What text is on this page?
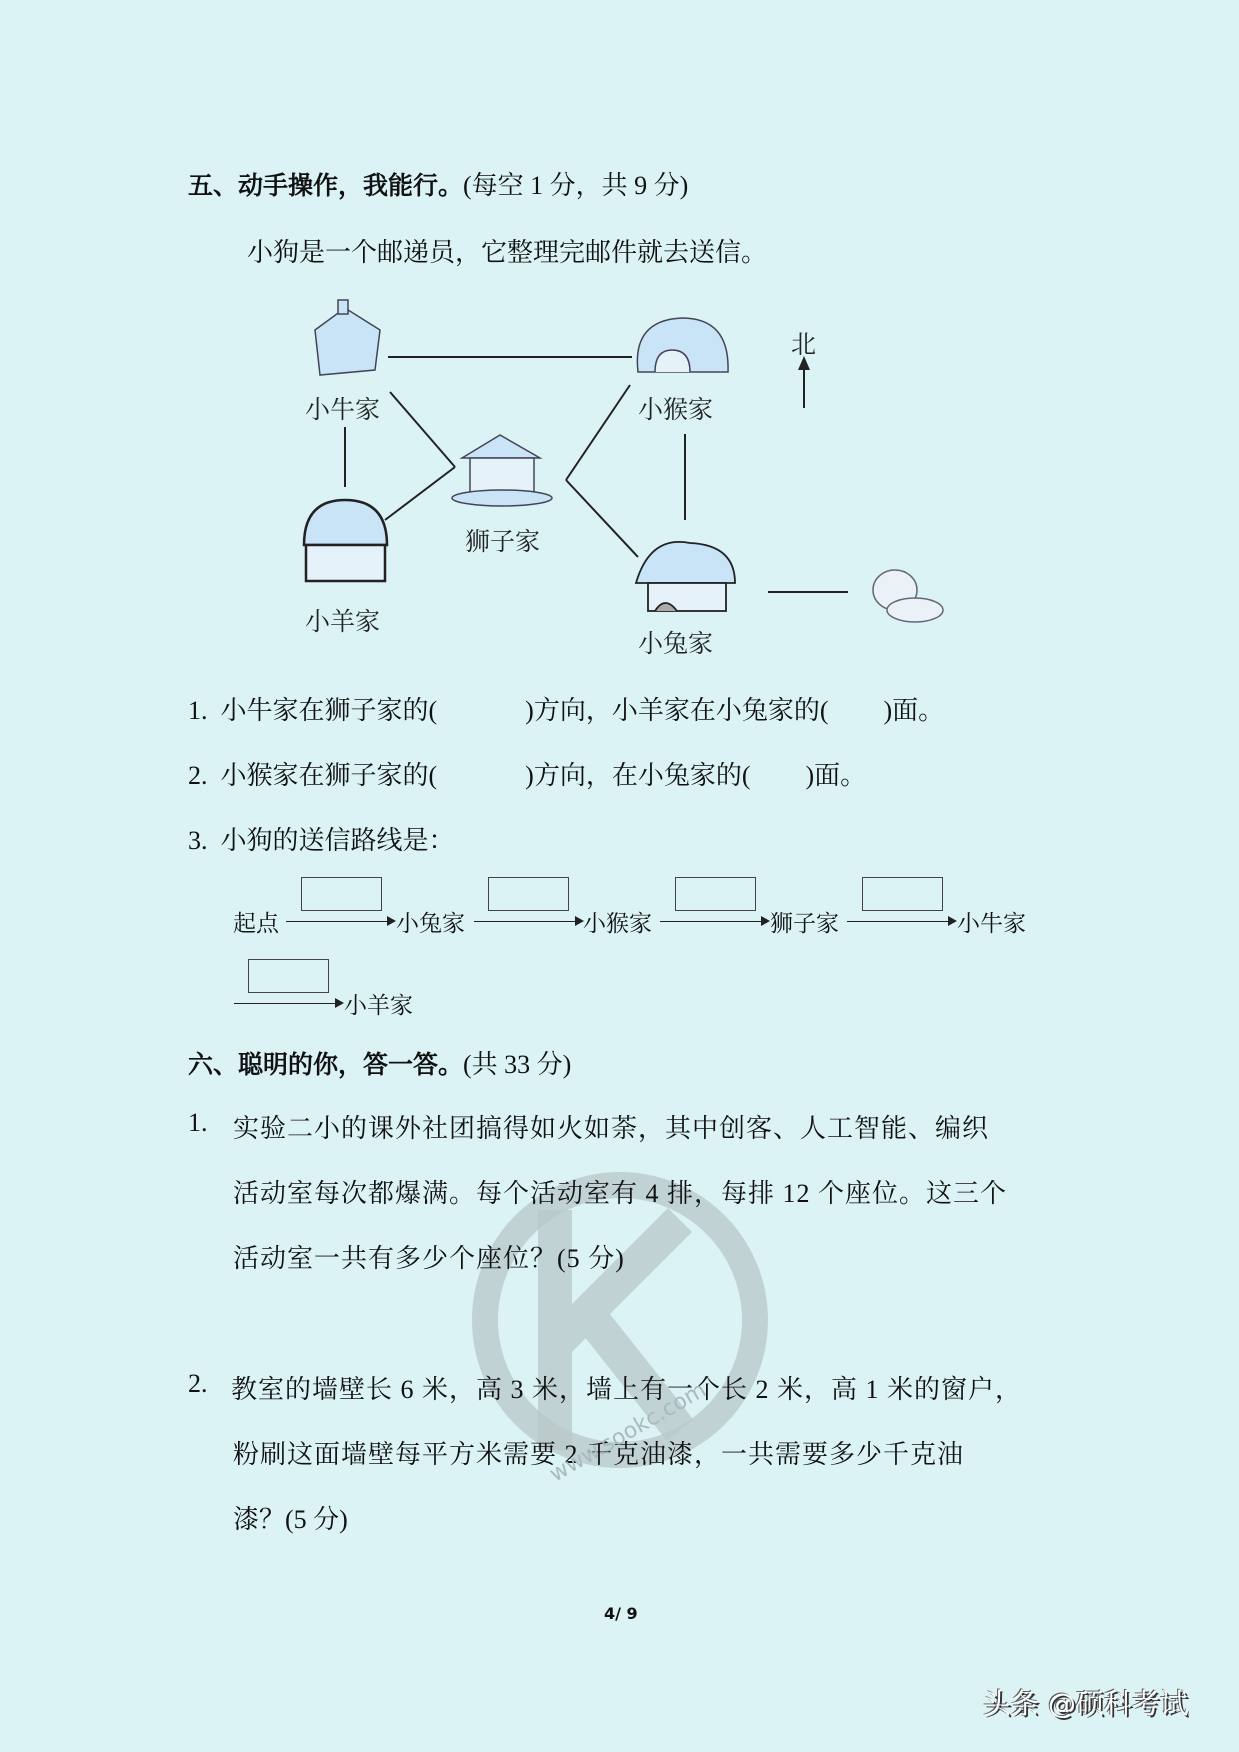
五、动手操作，我能行。(每空 1 分，共 9 分)
小狗是一个邮递员，它整理完邮件就去送信。
北
小牛家	小猴家
狮子家
小羊家
小兔家
1. 小牛家在狮子家的(	)方向，小羊家在小兔家的( )面。
2. 小猴家在狮子家的(	)方向，在小兔家的( )面。
3. 小狗的送信路线是：
起点	小兔家	小猴家	狮子家	小牛家
小羊家
六、聪明的你，答一答。(共 33 分)
1. 实验二小的课外社团搞得如火如荼，其中创客、人工智能、编织
活动室每次都爆满。每个活动室有 4 排，每排 12 个座位。这三个
活动室一共有多少个座位？(5 分)
2. 教室的墙壁长 6 米，高 3 米，墙上有一个长 2 米，高 1 米的窗户，
粉刷这面墙壁每平方米需要 2 千克油漆，一共需要多少千克油
漆？(5 分)
www.sookc.com
4/ 9
头条 @硕科考试
